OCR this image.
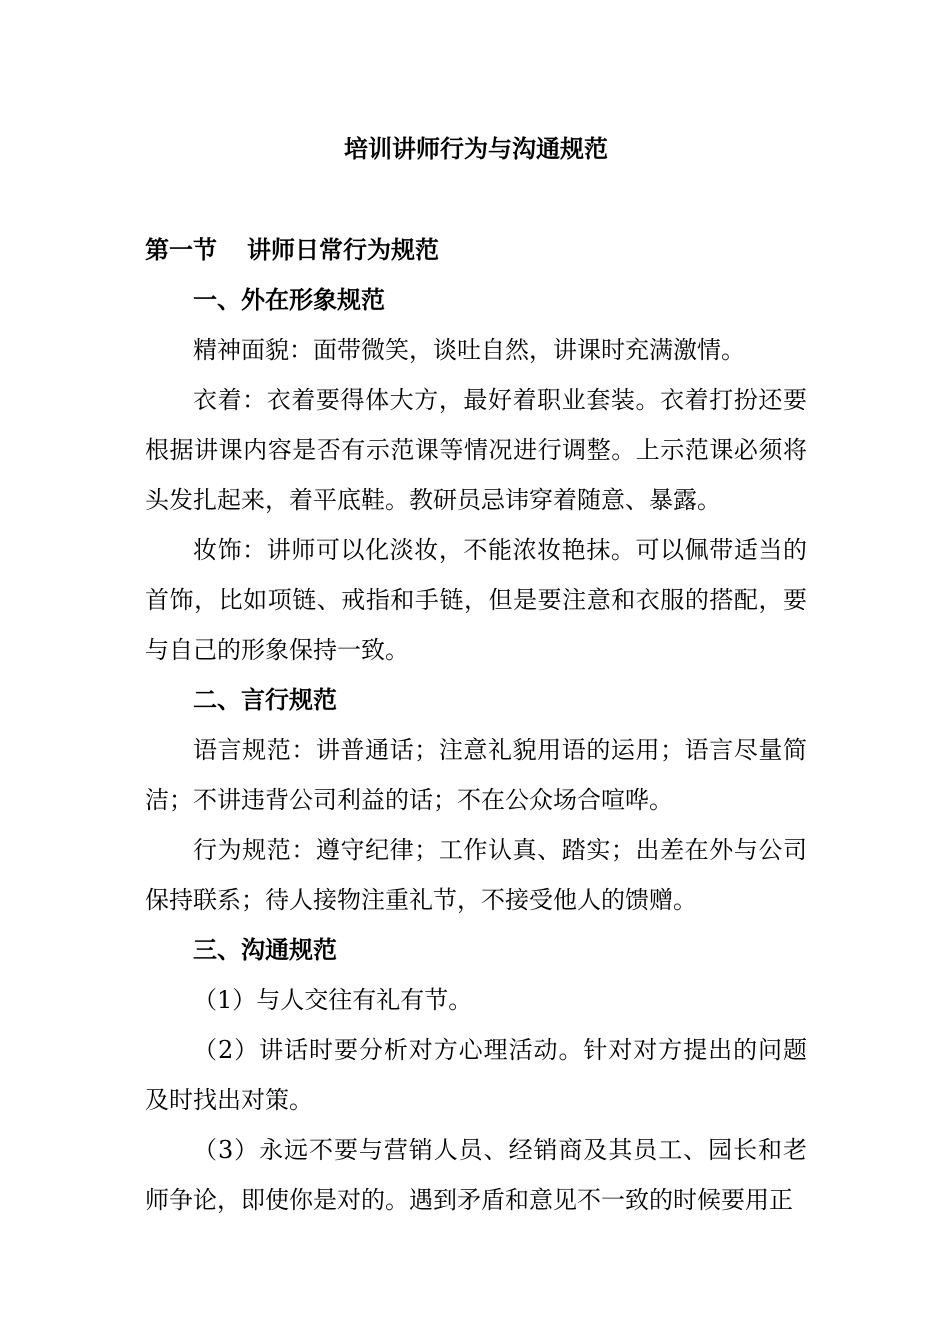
培训讲师行为与沟通规范

第一节 讲师日常行为规范

一、外在形象规范

精神面貌：面带微笑，谈吐自然，讲课时充满激情。

衣着：衣着要得体大方，最好着职业套装。衣着打扮还要根据讲课内容是否有示范课等情况进行调整。上示范课必须将头发扎起来，着平底鞋。教研员忌讳穿着随意、暴露。

妆饰：讲师可以化淡妆，不能浓妆艳抹。可以佩带适当的首饰，比如项链、戒指和手链，但是要注意和衣服的搭配，要与自己的形象保持一致。

二、言行规范

语言规范：讲普通话；注意礼貌用语的运用；语言尽量简洁；不讲违背公司利益的话；不在公众场合喧哗。

行为规范：遵守纪律；工作认真、踏实；出差在外与公司保持联系；待人接物注重礼节，不接受他人的馈赠。

三、沟通规范

（1）与人交往有礼有节。

（2）讲话时要分析对方心理活动。针对对方提出的问题及时找出对策。

（3）永远不要与营销人员、经销商及其员工、园长和老师争论，即使你是对的。遇到矛盾和意见不一致的时候要用正
